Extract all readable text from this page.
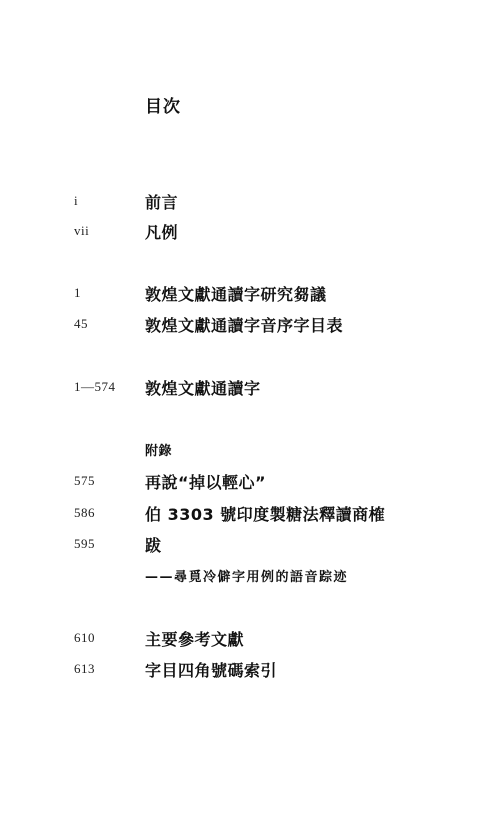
目次
i	前言
vii	凡例
1	敦煌文獻通讀字研究芻議
45	敦煌文獻通讀字音序字目表
1—574 敦煌文獻通讀字
附錄
575	再說“掉以輕心”
586	伯 3303 號印度製糖法釋讀商榷
595	跋
——尋覓冷僻字用例的語音踪迹
610	主要參考文獻
613	字目四角號碼索引
